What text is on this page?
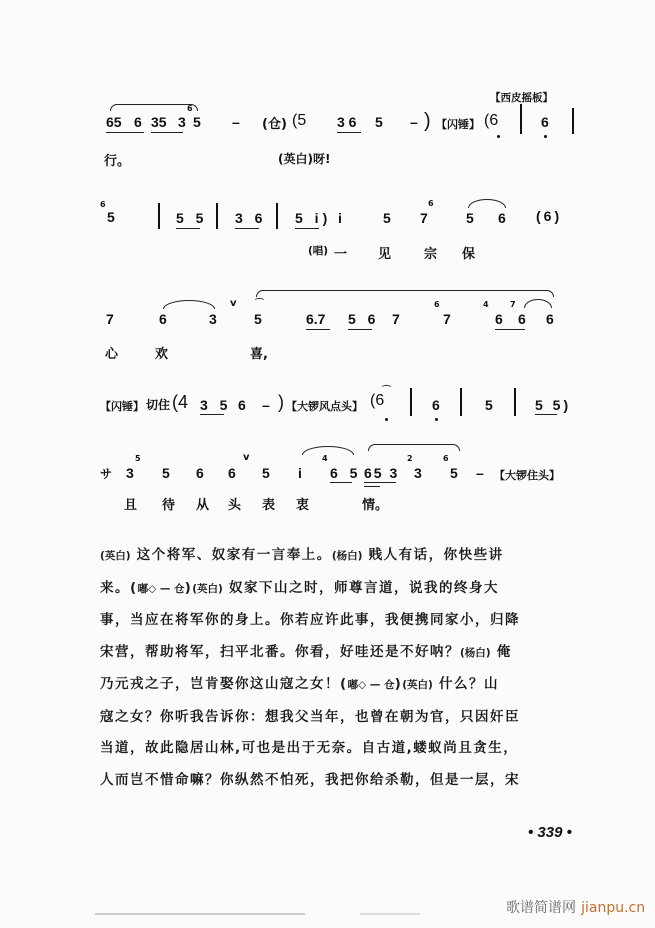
【西皮摇板】
65 6 35 3
6
5 – (仓) (5 3 6 5 – ) 【闪锤】 (6	6
行。	(英白)呀!
6
5	5 5 3 6 5 i) i	5 7
6
5 6 (6)
(唱) 一 见	宗 保
7	6	3
v ⌒
5	6.7 5 6 7
6
7
4
6
7
6 6
心	欢	喜,
【闪锤】 切住 (4 3 5 6 – ) 【大锣风点头】
⌒
(6	6	5	5 5)
サ 3
5
5 6 6
v
5 i
4
6 5 65 3
2
3
6
5 – 【大锣住头】
且 待 从 头 表 衷	情。
(英白) 这个将军、奴家有一言奉上。(杨白) 贱人有话，你快些讲
来。(嘟◇ — 仓)(英白) 奴家下山之时，师尊言道，说我的终身大
事，当应在将军你的身上。你若应许此事，我便携同家小，归降
宋营，帮助将军，扫平北番。你看，好哇还是不好呐？(杨白) 俺
乃元戎之子，岂肯娶你这山寇之女！(嘟◇ — 仓)(英白) 什么？山
寇之女？你听我告诉你：想我父当年，也曾在朝为官，只因奸臣
当道，故此隐居山林,可也是出于无奈。自古道,蝼蚁尚且贪生，
人而岂不惜命嘛？你纵然不怕死，我把你给杀勒，但是一层，宋
• 339 •
歌谱简谱网 jianpu.cn
